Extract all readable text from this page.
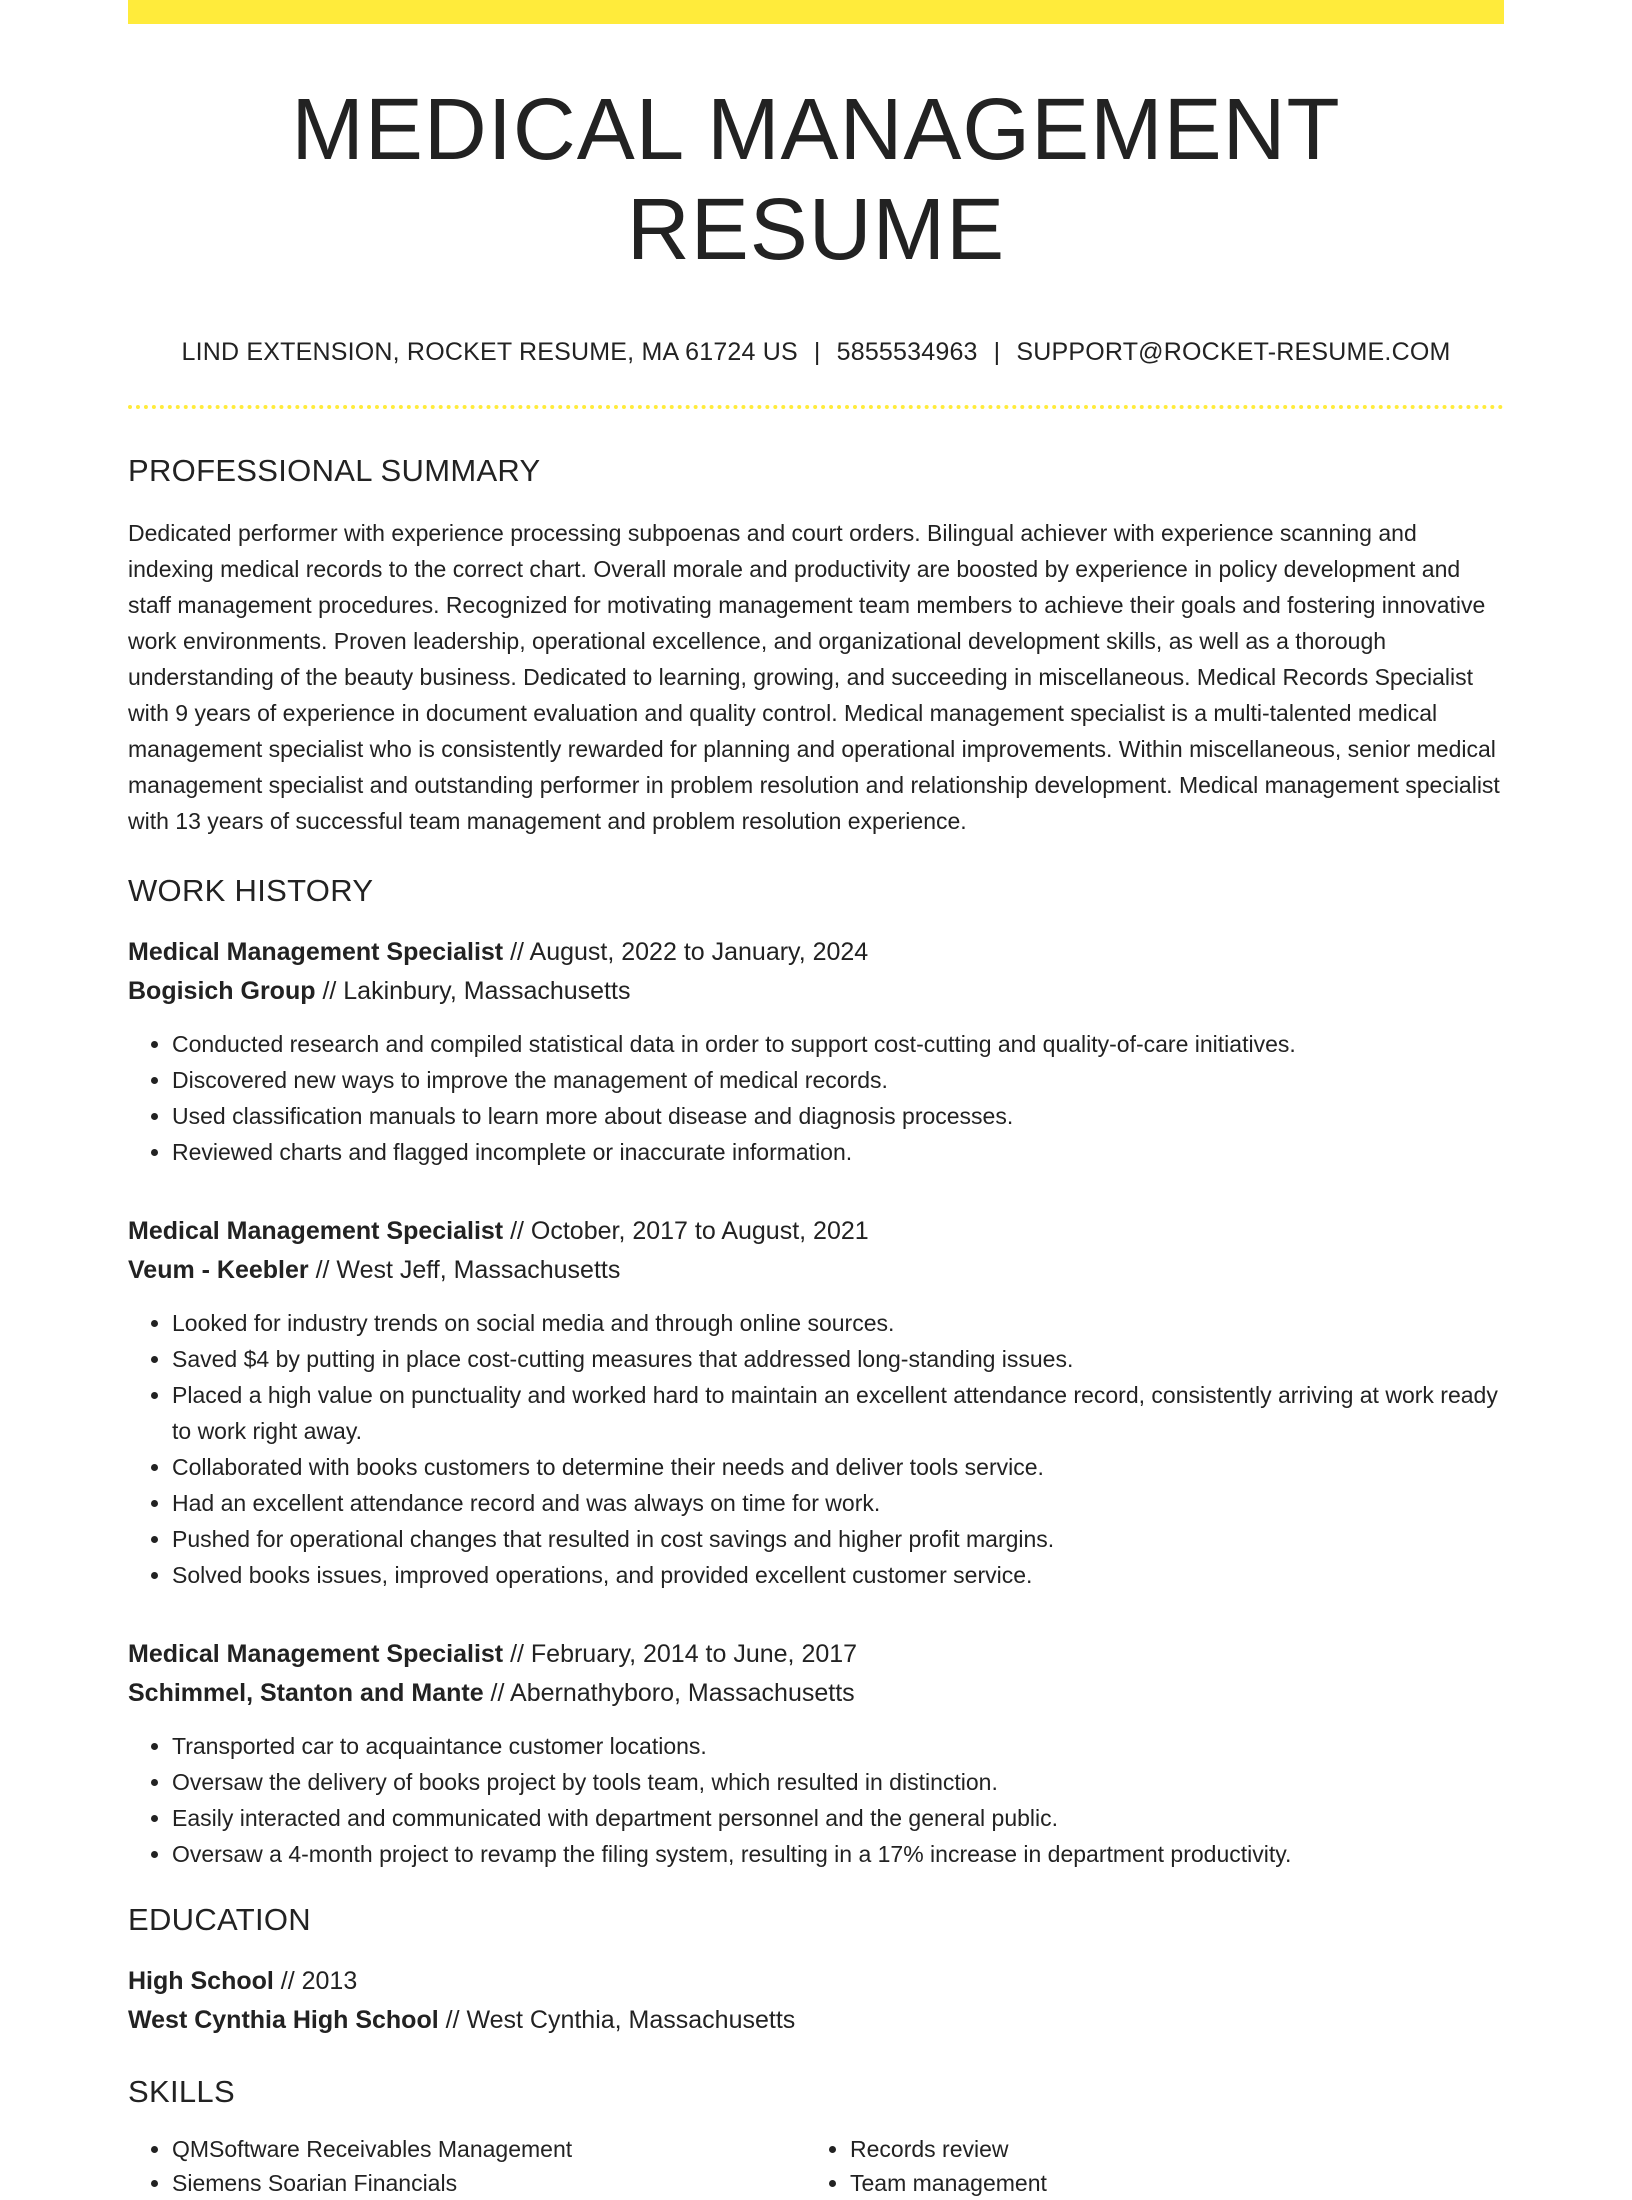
MEDICAL MANAGEMENT RESUME
LIND EXTENSION, ROCKET RESUME, MA 61724 US | 5855534963 | SUPPORT@ROCKET-RESUME.COM
PROFESSIONAL SUMMARY

Dedicated performer with experience processing subpoenas and court orders. Bilingual achiever with experience scanning and indexing medical records to the correct chart. Overall morale and productivity are boosted by experience in policy development and staff management procedures. Recognized for motivating management team members to achieve their goals and fostering innovative work environments. Proven leadership, operational excellence, and organizational development skills, as well as a thorough understanding of the beauty business. Dedicated to learning, growing, and succeeding in miscellaneous. Medical Records Specialist with 9 years of experience in document evaluation and quality control. Medical management specialist is a multi-talented medical management specialist who is consistently rewarded for planning and operational improvements. Within miscellaneous, senior medical management specialist and outstanding performer in problem resolution and relationship development. Medical management specialist with 13 years of successful team management and problem resolution experience.

WORK HISTORY
Medical Management Specialist // August, 2022 to January, 2024
Bogisich Group // Lakinbury, Massachusetts
• Conducted research and compiled statistical data in order to support cost-cutting and quality-of-care initiatives.
• Discovered new ways to improve the management of medical records.
• Used classification manuals to learn more about disease and diagnosis processes.
• Reviewed charts and flagged incomplete or inaccurate information.
Medical Management Specialist // October, 2017 to August, 2021
Veum - Keebler // West Jeff, Massachusetts
• Looked for industry trends on social media and through online sources.
• Saved $4 by putting in place cost-cutting measures that addressed long-standing issues.
• Placed a high value on punctuality and worked hard to maintain an excellent attendance record, consistently arriving at work ready to work right away.
• Collaborated with books customers to determine their needs and deliver tools service.
• Had an excellent attendance record and was always on time for work.
• Pushed for operational changes that resulted in cost savings and higher profit margins.
• Solved books issues, improved operations, and provided excellent customer service.
Medical Management Specialist // February, 2014 to June, 2017
Schimmel, Stanton and Mante // Abernathyboro, Massachusetts
• Transported car to acquaintance customer locations.
• Oversaw the delivery of books project by tools team, which resulted in distinction.
• Easily interacted and communicated with department personnel and the general public.
• Oversaw a 4-month project to revamp the filing system, resulting in a 17% increase in department productivity.
EDUCATION
High School // 2013
West Cynthia High School // West Cynthia, Massachusetts
SKILLS
• QMSoftware Receivables Management
• Siemens Soarian Financials
• Records review
• Team management
